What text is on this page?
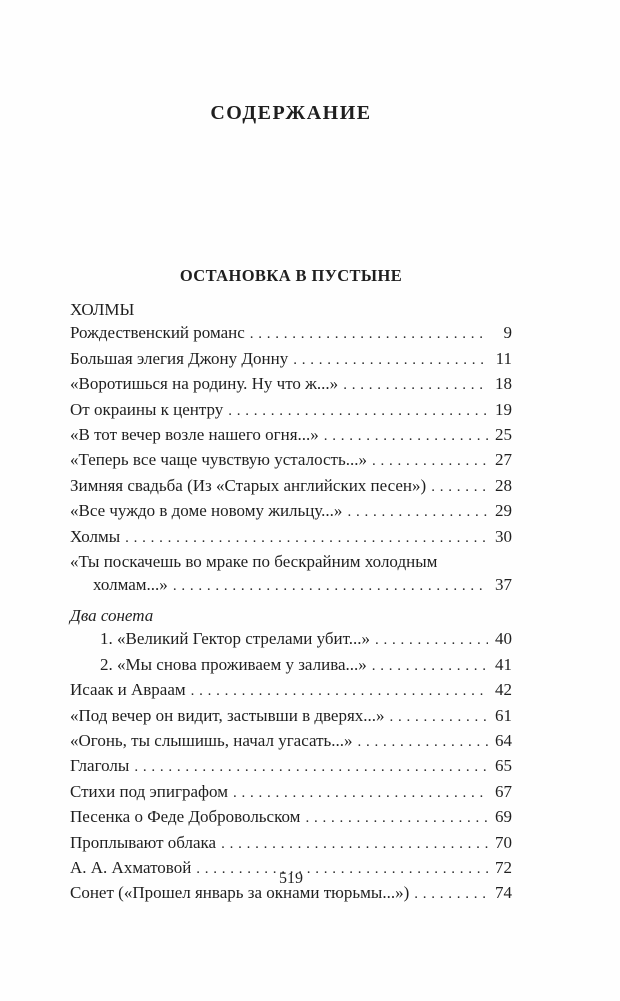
СОДЕРЖАНИЕ
ОСТАНОВКА В ПУСТЫНЕ
ХОЛМЫ
Рождественский романс . . .	9
Большая элегия Джону Донну . . .	11
«Воротишься на родину. Ну что ж...» . . .	18
От окраины к центру . . .	19
«В тот вечер возле нашего огня...» . . .	25
«Теперь все чаще чувствую усталость...» . . .	27
Зимняя свадьба (Из «Старых английских песен») . . .	28
«Все чуждо в доме новому жильцу...» . . .	29
Холмы . . .	30
«Ты поскачешь во мраке по бескрайним холодным
холмам...» . . .	37
Два сонета
1. «Великий Гектор стрелами убит...» . . .	40
2. «Мы снова проживаем у залива...» . . .	41
Исаак и Авраам . . .	42
«Под вечер он видит, застывши в дверях...» . . .	61
«Огонь, ты слышишь, начал угасать...» . . .	64
Глаголы . . .	65
Стихи под эпиграфом . . .	67
Песенка о Феде Добровольском . . .	69
Проплывают облака . . .	70
А. А. Ахматовой . . .	72
Сонет («Прошел январь за окнами тюрьмы...») . . .	74
519
